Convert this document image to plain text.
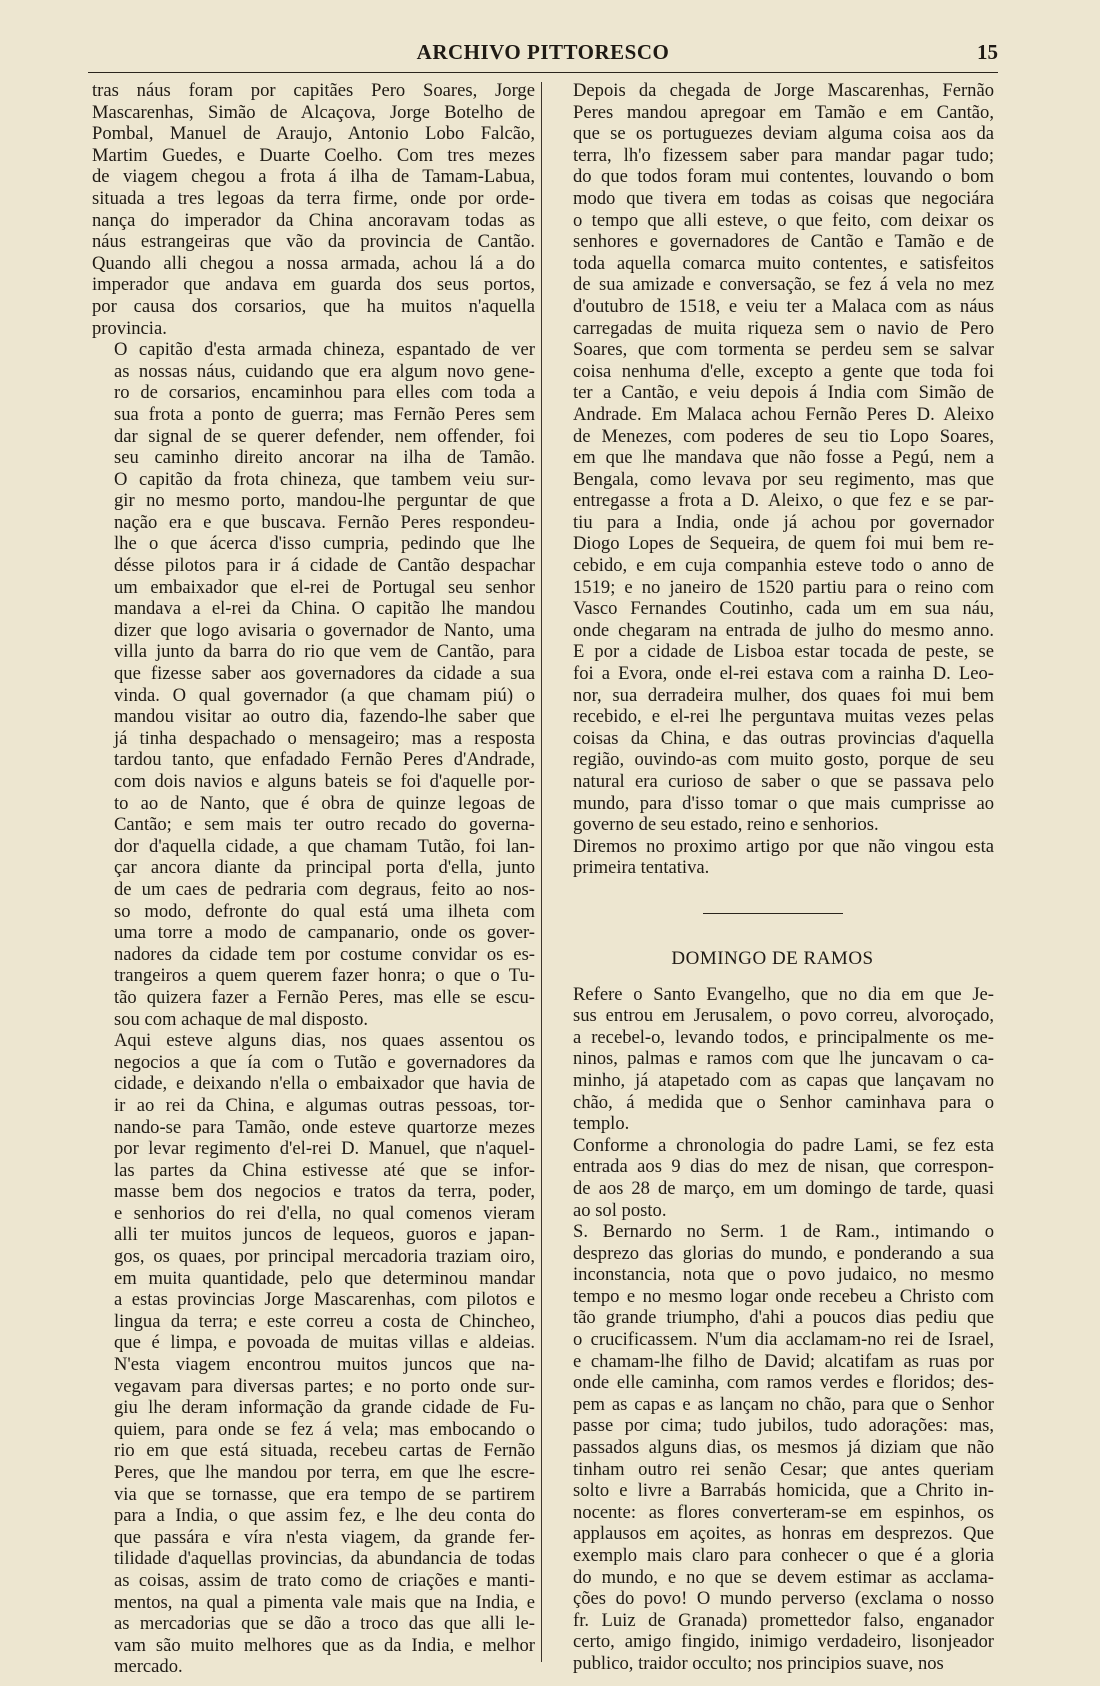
ARCHIVO PITTORESCO	15

tras náus foram por capitães Pero Soares, Jorge
Mascarenhas, Simão de Alcaçova, Jorge Botelho de
Pombal, Manuel de Araujo, Antonio Lobo Falcão,
Martim Guedes, e Duarte Coelho. Com tres mezes
de viagem chegou a frota á ilha de Tamam-Labua,
situada a tres legoas da terra firme, onde por orde-
nança do imperador da China ancoravam todas as
náus estrangeiras que vão da provincia de Cantão.
Quando alli chegou a nossa armada, achou lá a do
imperador que andava em guarda dos seus portos,
por causa dos corsarios, que ha muitos n'aquella
provincia.

O capitão d'esta armada chineza, espantado de ver
as nossas náus, cuidando que era algum novo gene-
ro de corsarios, encaminhou para elles com toda a
sua frota a ponto de guerra; mas Fernão Peres sem
dar signal de se querer defender, nem offender, foi
seu caminho direito ancorar na ilha de Tamão.
O capitão da frota chineza, que tambem veiu sur-
gir no mesmo porto, mandou-lhe perguntar de que
nação era e que buscava. Fernão Peres respondeu-
lhe o que ácerca d'isso cumpria, pedindo que lhe
désse pilotos para ir á cidade de Cantão despachar
um embaixador que el-rei de Portugal seu senhor
mandava a el-rei da China. O capitão lhe mandou
dizer que logo avisaria o governador de Nanto, uma
villa junto da barra do rio que vem de Cantão, para
que fizesse saber aos governadores da cidade a sua
vinda. O qual governador (a que chamam piú) o
mandou visitar ao outro dia, fazendo-lhe saber que
já tinha despachado o mensageiro; mas a resposta
tardou tanto, que enfadado Fernão Peres d'Andrade,
com dois navios e alguns bateis se foi d'aquelle por-
to ao de Nanto, que é obra de quinze legoas de
Cantão; e sem mais ter outro recado do governa-
dor d'aquella cidade, a que chamam Tutão, foi lan-
çar ancora diante da principal porta d'ella, junto
de um caes de pedraria com degraus, feito ao nos-
so modo, defronte do qual está uma ilheta com
uma torre a modo de campanario, onde os gover-
nadores da cidade tem por costume convidar os es-
trangeiros a quem querem fazer honra; o que o Tu-
tão quizera fazer a Fernão Peres, mas elle se escu-
sou com achaque de mal disposto.

Aqui esteve alguns dias, nos quaes assentou os
negocios a que ía com o Tutão e governadores da
cidade, e deixando n'ella o embaixador que havia de
ir ao rei da China, e algumas outras pessoas, tor-
nando-se para Tamão, onde esteve quartorze mezes
por levar regimento d'el-rei D. Manuel, que n'aquel-
las partes da China estivesse até que se infor-
masse bem dos negocios e tratos da terra, poder,
e senhorios do rei d'ella, no qual comenos vieram
alli ter muitos juncos de lequeos, guoros e japan-
gos, os quaes, por principal mercadoria traziam oiro,
em muita quantidade, pelo que determinou mandar
a estas provincias Jorge Mascarenhas, com pilotos e
lingua da terra; e este correu a costa de Chincheo,
que é limpa, e povoada de muitas villas e aldeias.
N'esta viagem encontrou muitos juncos que na-
vegavam para diversas partes; e no porto onde sur-
giu lhe deram informação da grande cidade de Fu-
quiem, para onde se fez á vela; mas embocando o
rio em que está situada, recebeu cartas de Fernão
Peres, que lhe mandou por terra, em que lhe escre-
via que se tornasse, que era tempo de se partirem
para a India, o que assim fez, e lhe deu conta do
que passára e víra n'esta viagem, da grande fer-
tilidade d'aquellas provincias, da abundancia de todas
as coisas, assim de trato como de criações e manti-
mentos, na qual a pimenta vale mais que na India, e
as mercadorias que se dão a troco das que alli le-
vam são muito melhores que as da India, e melhor
mercado.

Depois da chegada de Jorge Mascarenhas, Fernão
Peres mandou apregoar em Tamão e em Cantão,
que se os portuguezes deviam alguma coisa aos da
terra, lh'o fizessem saber para mandar pagar tudo;
do que todos foram mui contentes, louvando o bom
modo que tivera em todas as coisas que negociára
o tempo que alli esteve, o que feito, com deixar os
senhores e governadores de Cantão e Tamão e de
toda aquella comarca muito contentes, e satisfeitos
de sua amizade e conversação, se fez á vela no mez
d'outubro de 1518, e veiu ter a Malaca com as náus
carregadas de muita riqueza sem o navio de Pero
Soares, que com tormenta se perdeu sem se salvar
coisa nenhuma d'elle, excepto a gente que toda foi
ter a Cantão, e veiu depois á India com Simão de
Andrade. Em Malaca achou Fernão Peres D. Aleixo
de Menezes, com poderes de seu tio Lopo Soares,
em que lhe mandava que não fosse a Pegú, nem a
Bengala, como levava por seu regimento, mas que
entregasse a frota a D. Aleixo, o que fez e se par-
tiu para a India, onde já achou por governador
Diogo Lopes de Sequeira, de quem foi mui bem re-
cebido, e em cuja companhia esteve todo o anno de
1519; e no janeiro de 1520 partiu para o reino com
Vasco Fernandes Coutinho, cada um em sua náu,
onde chegaram na entrada de julho do mesmo anno.
E por a cidade de Lisboa estar tocada de peste, se
foi a Evora, onde el-rei estava com a rainha D. Leo-
nor, sua derradeira mulher, dos quaes foi mui bem
recebido, e el-rei lhe perguntava muitas vezes pelas
coisas da China, e das outras provincias d'aquella
região, ouvindo-as com muito gosto, porque de seu
natural era curioso de saber o que se passava pelo
mundo, para d'isso tomar o que mais cumprisse ao
governo de seu estado, reino e senhorios.

Diremos no proximo artigo por que não vingou esta
primeira tentativa.

DOMINGO DE RAMOS

Refere o Santo Evangelho, que no dia em que Je-
sus entrou em Jerusalem, o povo correu, alvoroçado,
a recebel-o, levando todos, e principalmente os me-
ninos, palmas e ramos com que lhe juncavam o ca-
minho, já atapetado com as capas que lançavam no
chão, á medida que o Senhor caminhava para o
templo.

Conforme a chronologia do padre Lami, se fez esta
entrada aos 9 dias do mez de nisan, que correspon-
de aos 28 de março, em um domingo de tarde, quasi
ao sol posto.

S. Bernardo no Serm. 1 de Ram., intimando o
desprezo das glorias do mundo, e ponderando a sua
inconstancia, nota que o povo judaico, no mesmo
tempo e no mesmo logar onde recebeu a Christo com
tão grande triumpho, d'ahi a poucos dias pediu que
o crucificassem. N'um dia acclamam-no rei de Israel,
e chamam-lhe filho de David; alcatifam as ruas por
onde elle caminha, com ramos verdes e floridos; des-
pem as capas e as lançam no chão, para que o Senhor
passe por cima; tudo jubilos, tudo adorações: mas,
passados alguns dias, os mesmos já diziam que não
tinham outro rei senão Cesar; que antes queriam
solto e livre a Barrabás homicida, que a Chrito in-
nocente: as flores converteram-se em espinhos, os
applausos em açoites, as honras em desprezos. Que
exemplo mais claro para conhecer o que é a gloria
do mundo, e no que se devem estimar as acclama-
ções do povo! O mundo perverso (exclama o nosso
fr. Luiz de Granada) promettedor falso, enganador
certo, amigo fingido, inimigo verdadeiro, lisonjeador
publico, traidor occulto; nos principios suave, nos
